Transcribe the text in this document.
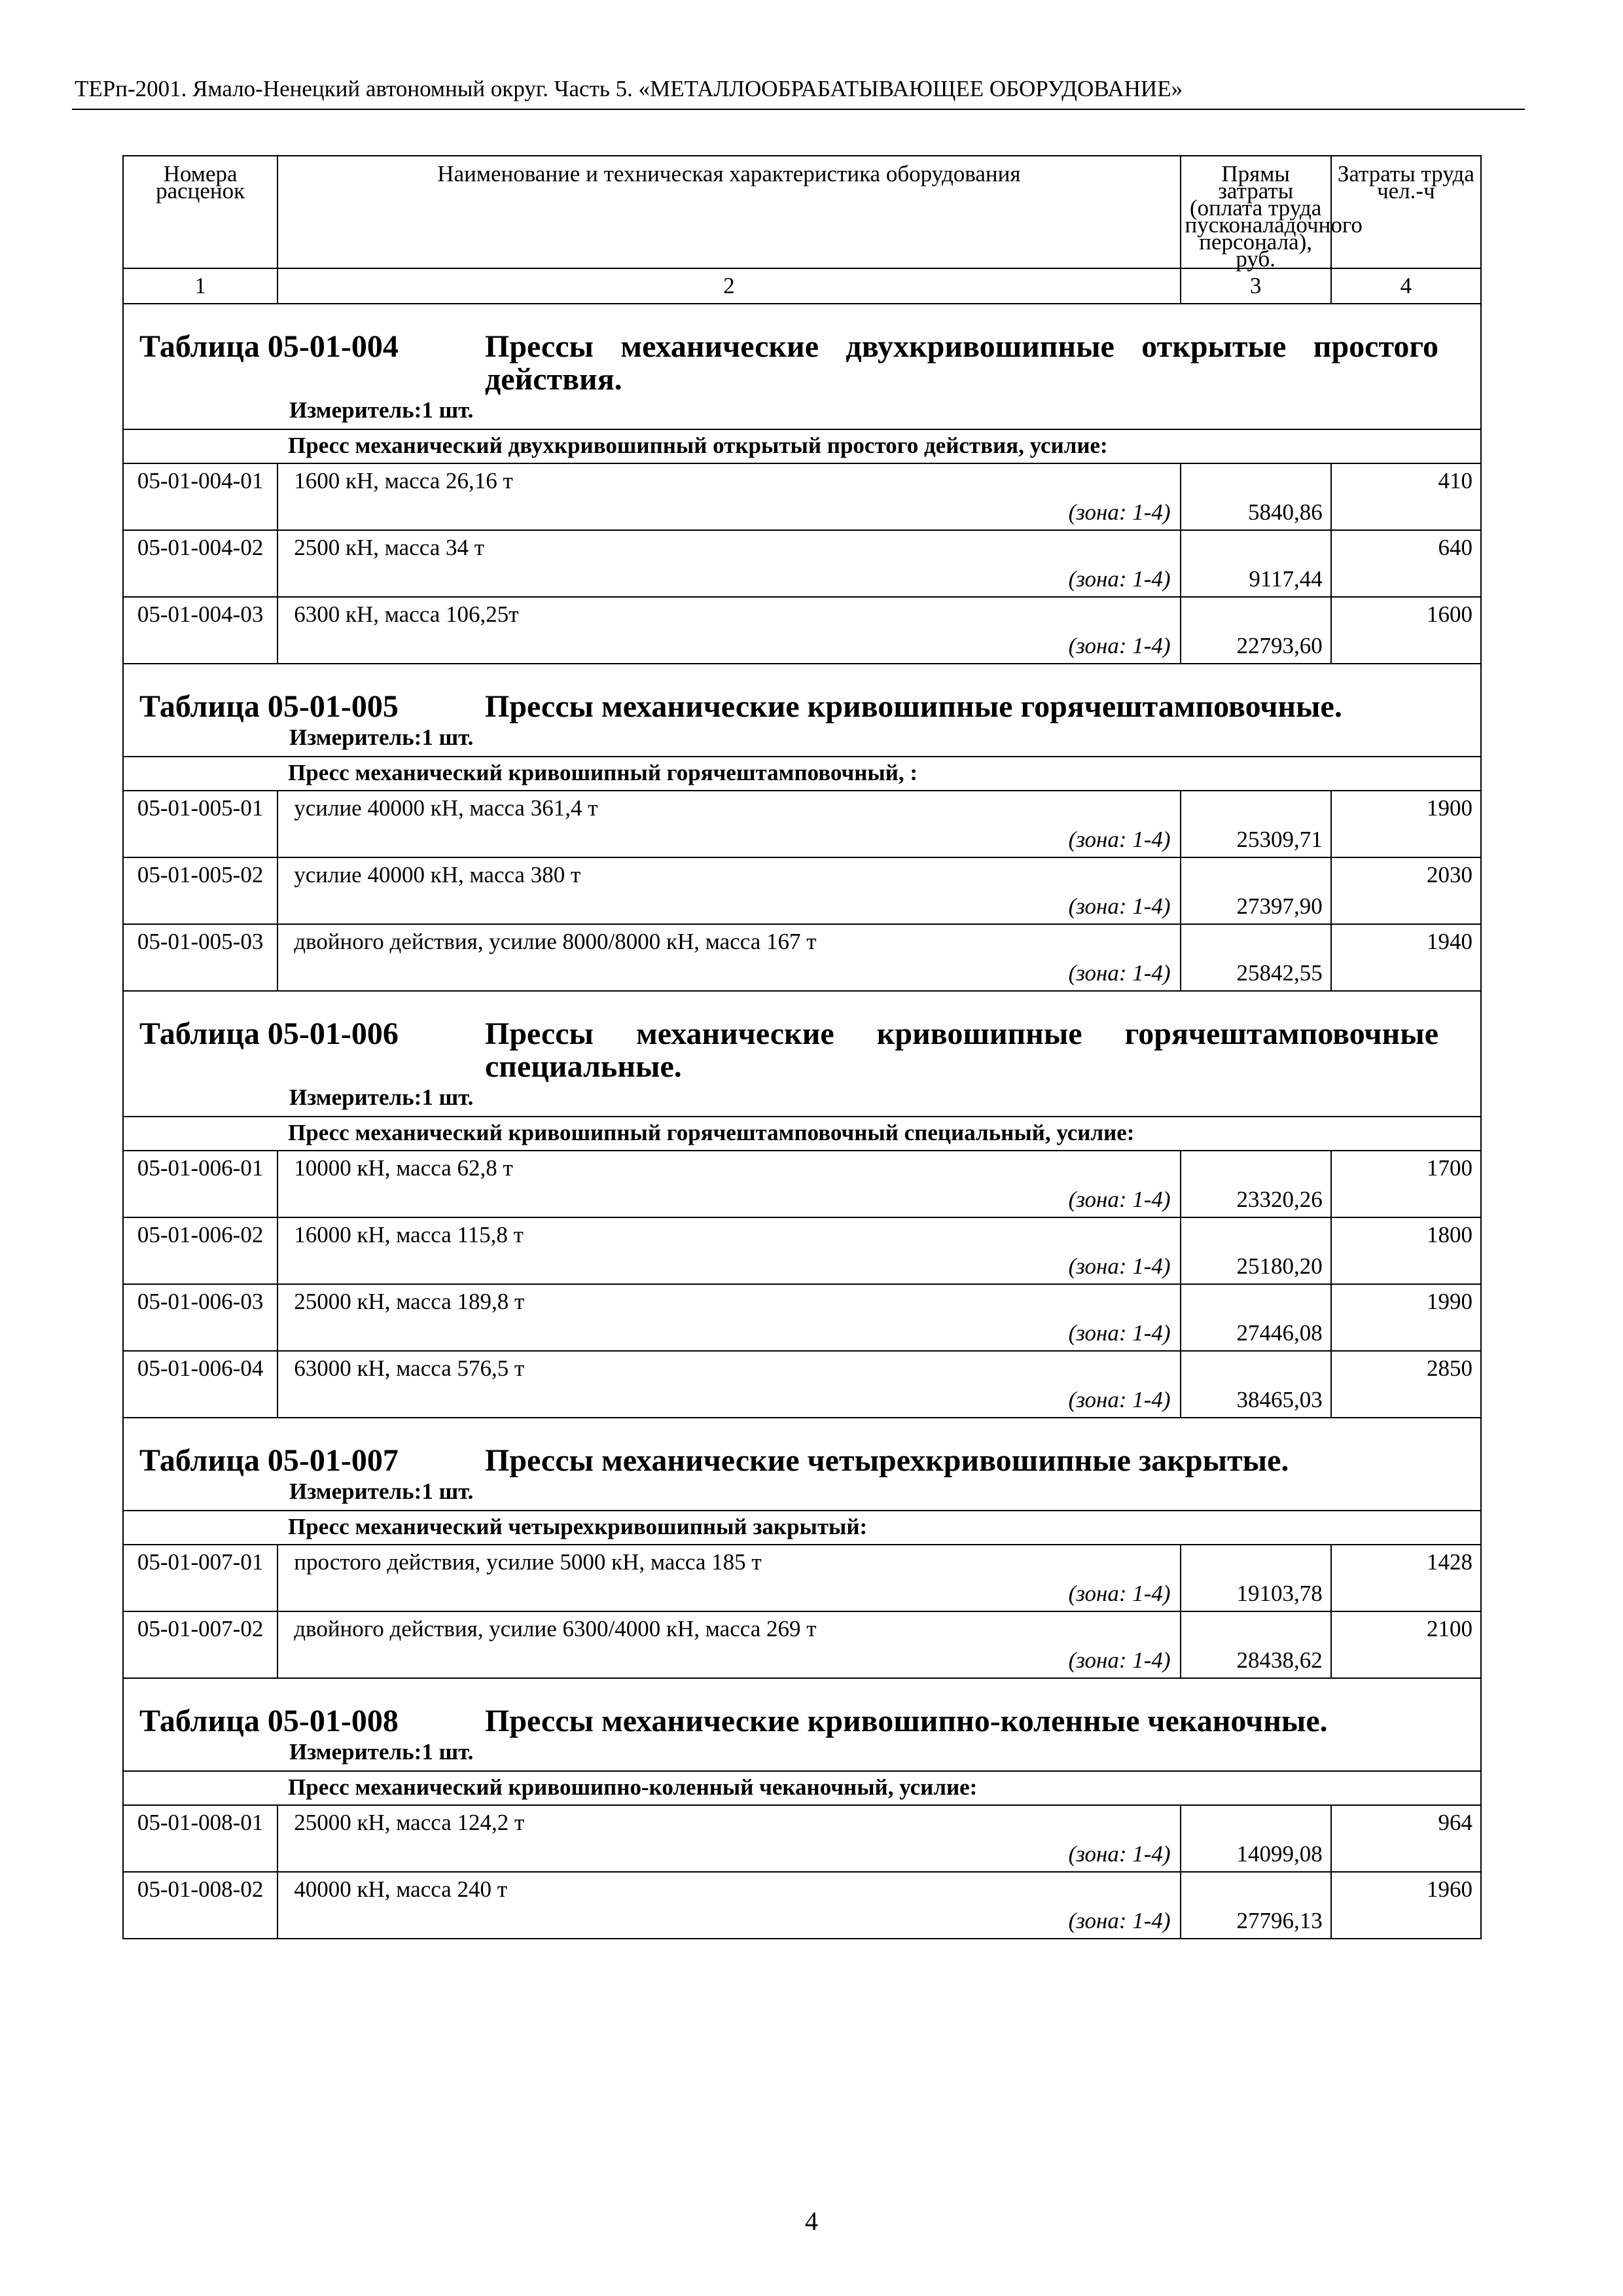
ТЕРп-2001. Ямало-Ненецкий автономный округ. Часть 5. «МЕТАЛЛООБРАБАТЫВАЮЩЕЕ ОБОРУДОВАНИЕ»
Номера расценок	Наименование и техническая характеристика оборудования	Прямы затраты (оплата труда пусконаладочного персонала), руб.	Затраты труда чел.-ч

1	2	3	4

Таблица 05-01-004 Прессы механические двухкривошипные открытые простого действия.
Измеритель:1 шт.			

Пресс механический двухкривошипный открытый простого действия, усилие:			

05-01-004-01	1600 кН, масса 26,16 т
(зона: 1-4)	5840,86	410

05-01-004-02	2500 кН, масса 34 т
(зона: 1-4)	9117,44	640

05-01-004-03	6300 кН, масса 106,25т
(зона: 1-4)	22793,60	1600

Таблица 05-01-005 Прессы механические кривошипные горячештамповочные.
Измеритель:1 шт.			

Пресс механический кривошипный горячештамповочный, :			

05-01-005-01	усилие 40000 кН, масса 361,4 т
(зона: 1-4)	25309,71	1900

05-01-005-02	усилие 40000 кН, масса 380 т
(зона: 1-4)	27397,90	2030

05-01-005-03	двойного действия, усилие 8000/8000 кН, масса 167 т
(зона: 1-4)	25842,55	1940

Таблица 05-01-006 Прессы механические кривошипные горячештамповочные специальные.
Измеритель:1 шт.			

Пресс механический кривошипный горячештамповочный специальный, усилие:			

05-01-006-01	10000 кН, масса 62,8 т
(зона: 1-4)	23320,26	1700

05-01-006-02	16000 кН, масса 115,8 т
(зона: 1-4)	25180,20	1800

05-01-006-03	25000 кН, масса 189,8 т
(зона: 1-4)	27446,08	1990

05-01-006-04	63000 кН, масса 576,5 т
(зона: 1-4)	38465,03	2850

Таблица 05-01-007 Прессы механические четырехкривошипные закрытые.
Измеритель:1 шт.			

Пресс механический четырехкривошипный закрытый:			

05-01-007-01	простого действия, усилие 5000 кН, масса 185 т
(зона: 1-4)	19103,78	1428

05-01-007-02	двойного действия, усилие 6300/4000 кН, масса 269 т
(зона: 1-4)	28438,62	2100

Таблица 05-01-008 Прессы механические кривошипно-коленные чеканочные.
Измеритель:1 шт.			

Пресс механический кривошипно-коленный чеканочный, усилие:			

05-01-008-01	25000 кН, масса 124,2 т
(зона: 1-4)	14099,08	964

05-01-008-02	40000 кН, масса 240 т
(зона: 1-4)	27796,13	1960
4
